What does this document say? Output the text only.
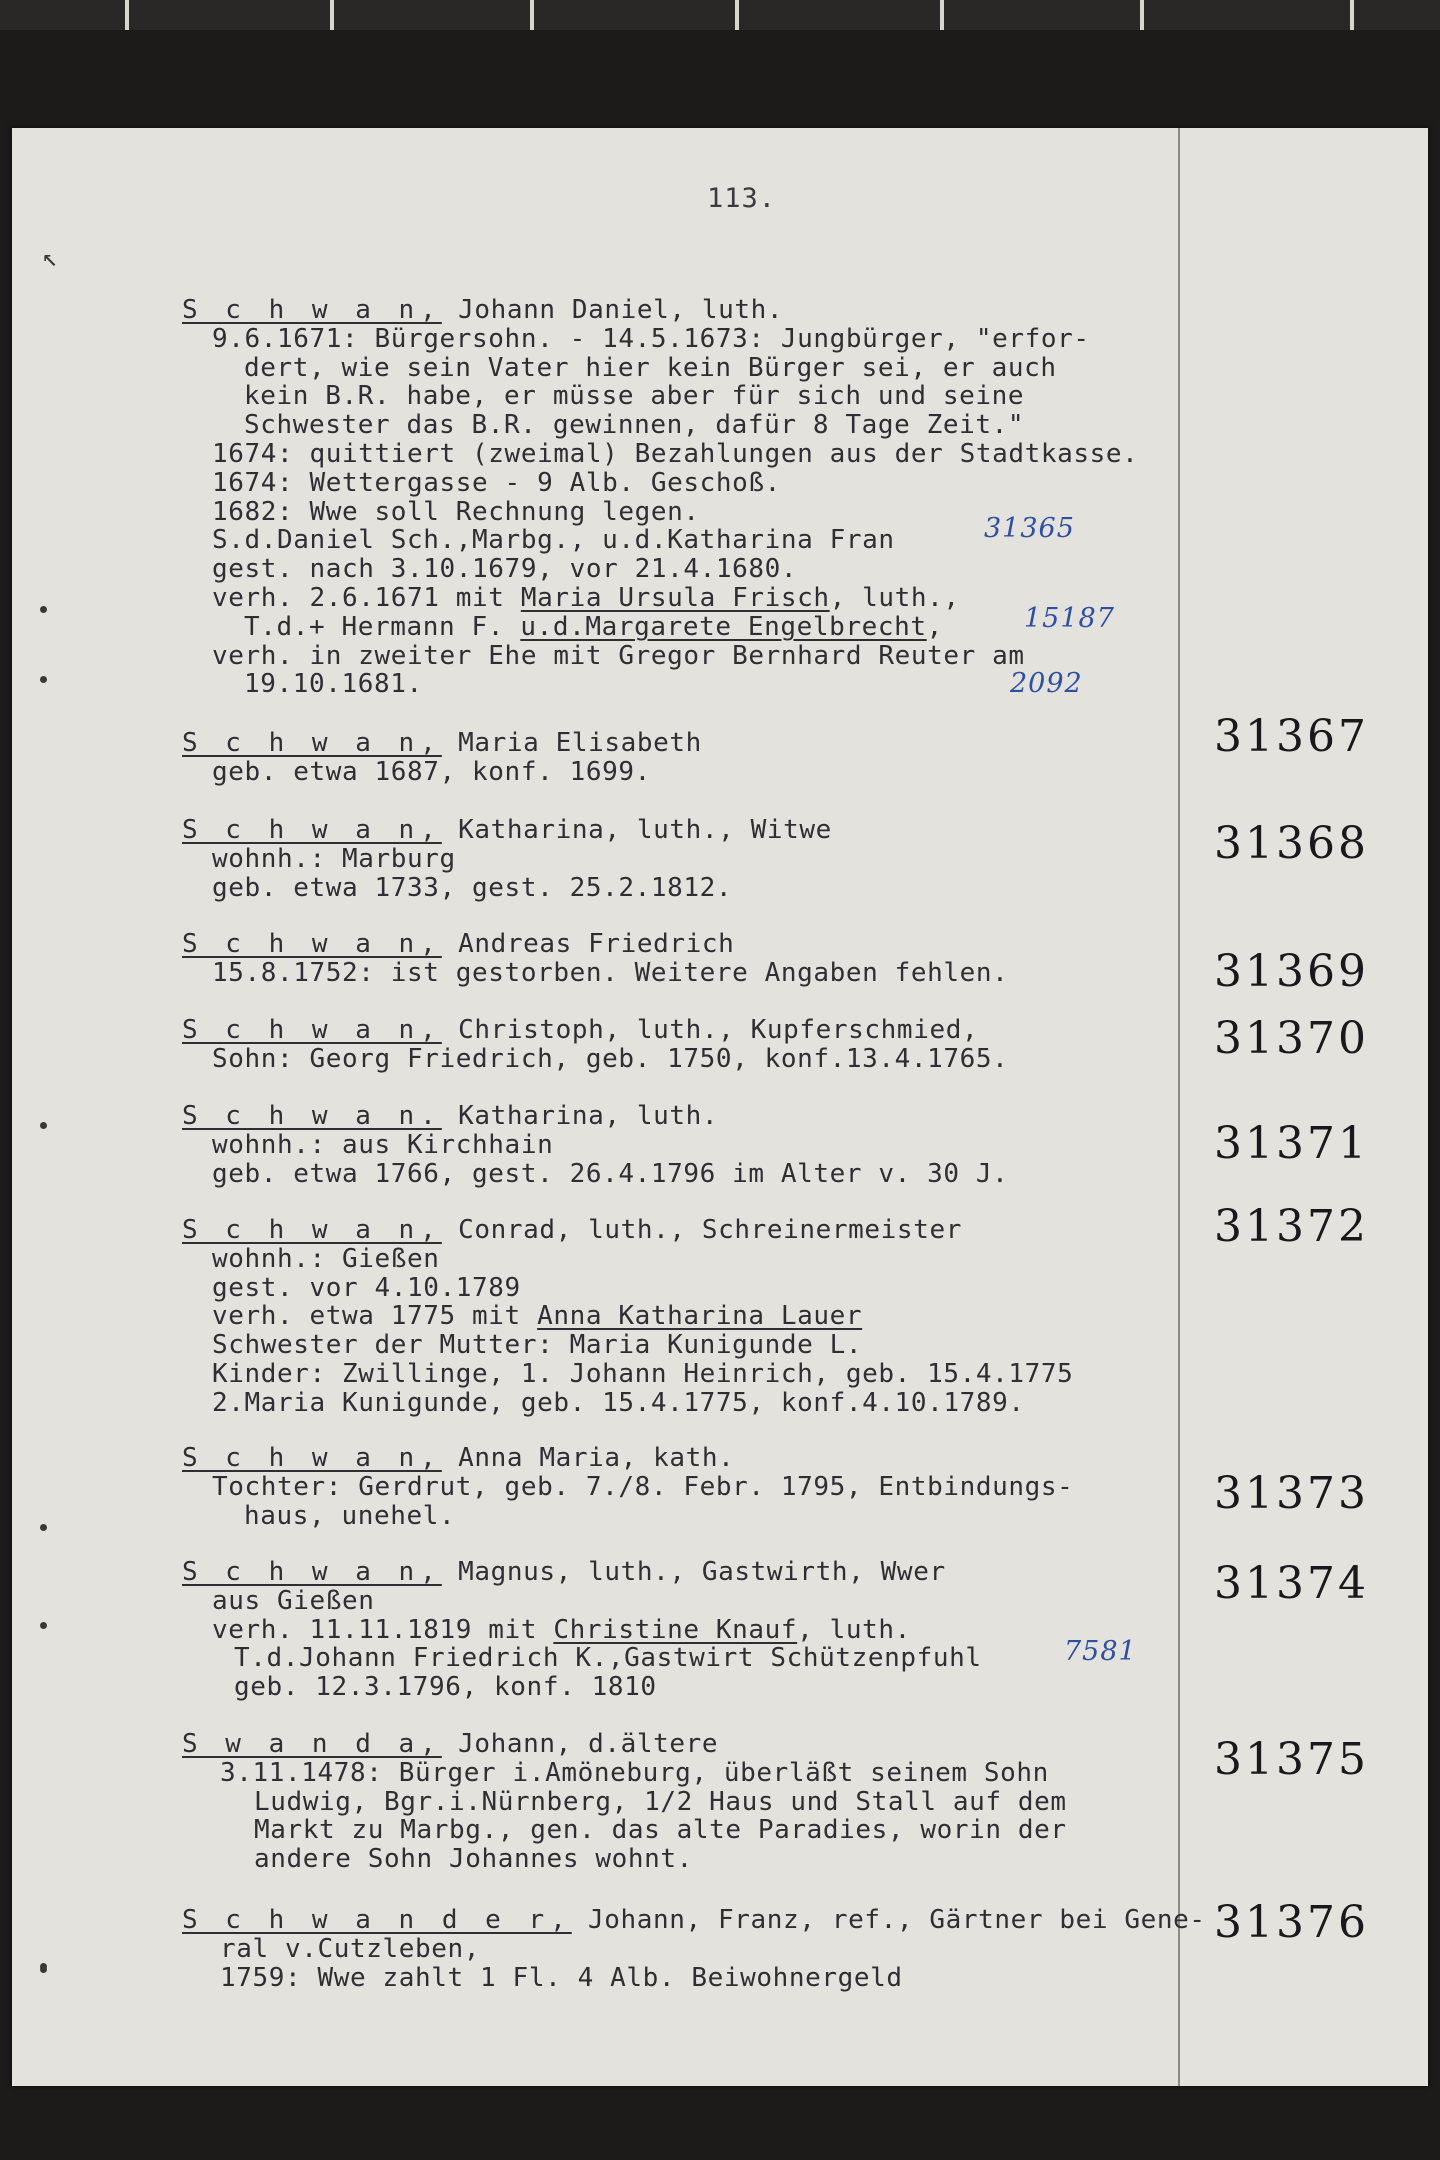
↖
113.
S c h w a n, Johann Daniel, luth.
9.6.1671: Bürgersohn. - 14.5.1673: Jungbürger, "erfor-
dert, wie sein Vater hier kein Bürger sei, er auch
kein B.R. habe, er müsse aber für sich und seine
Schwester das B.R. gewinnen, dafür 8 Tage Zeit."
1674: quittiert (zweimal) Bezahlungen aus der Stadtkasse.
1674: Wettergasse - 9 Alb. Geschoß.
1682: Wwe soll Rechnung legen.
S.d.Daniel Sch.,Marbg., u.d.Katharina Fran
gest. nach 3.10.1679, vor 21.4.1680.
verh. 2.6.1671 mit Maria Ursula Frisch, luth.,
T.d.+ Hermann F. u.d.Margarete Engelbrecht,
verh. in zweiter Ehe mit Gregor Bernhard Reuter am
19.10.1681.
31365
15187
2092
S c h w a n, Maria Elisabeth
geb. etwa 1687, konf. 1699.
31367
S c h w a n, Katharina, luth., Witwe
wohnh.: Marburg
geb. etwa 1733, gest. 25.2.1812.
31368
S c h w a n, Andreas Friedrich
15.8.1752: ist gestorben. Weitere Angaben fehlen.	31369
S c h w a n, Christoph, luth., Kupferschmied,
Sohn: Georg Friedrich, geb. 1750, konf.13.4.1765.	31370
S c h w a n. Katharina, luth.
wohnh.: aus Kirchhain
geb. etwa 1766, gest. 26.4.1796 im Alter v. 30 J.
31371
S c h w a n, Conrad, luth., Schreinermeister
wohnh.: Gießen
gest. vor 4.10.1789
verh. etwa 1775 mit Anna Katharina Lauer
Schwester der Mutter: Maria Kunigunde L.
Kinder: Zwillinge, 1. Johann Heinrich, geb. 15.4.1775
2.Maria Kunigunde, geb. 15.4.1775, konf.4.10.1789.
31372
S c h w a n, Anna Maria, kath.
Tochter: Gerdrut, geb. 7./8. Febr. 1795, Entbindungs-
haus, unehel.	31373
S c h w a n, Magnus, luth., Gastwirth, Wwer
aus Gießen
verh. 11.11.1819 mit Christine Knauf, luth.
T.d.Johann Friedrich K.,Gastwirt Schützenpfuhl
geb. 12.3.1796, konf. 1810
31374
7581
S w a n d a, Johann, d.ältere
3.11.1478: Bürger i.Amöneburg, überläßt seinem Sohn
Ludwig, Bgr.i.Nürnberg, 1/2 Haus und Stall auf dem
Markt zu Marbg., gen. das alte Paradies, worin der
andere Sohn Johannes wohnt.
31375
S c h w a n d e r, Johann, Franz, ref., Gärtner bei Gene-
ral v.Cutzleben,
1759: Wwe zahlt 1 Fl. 4 Alb. Beiwohnergeld
31376
